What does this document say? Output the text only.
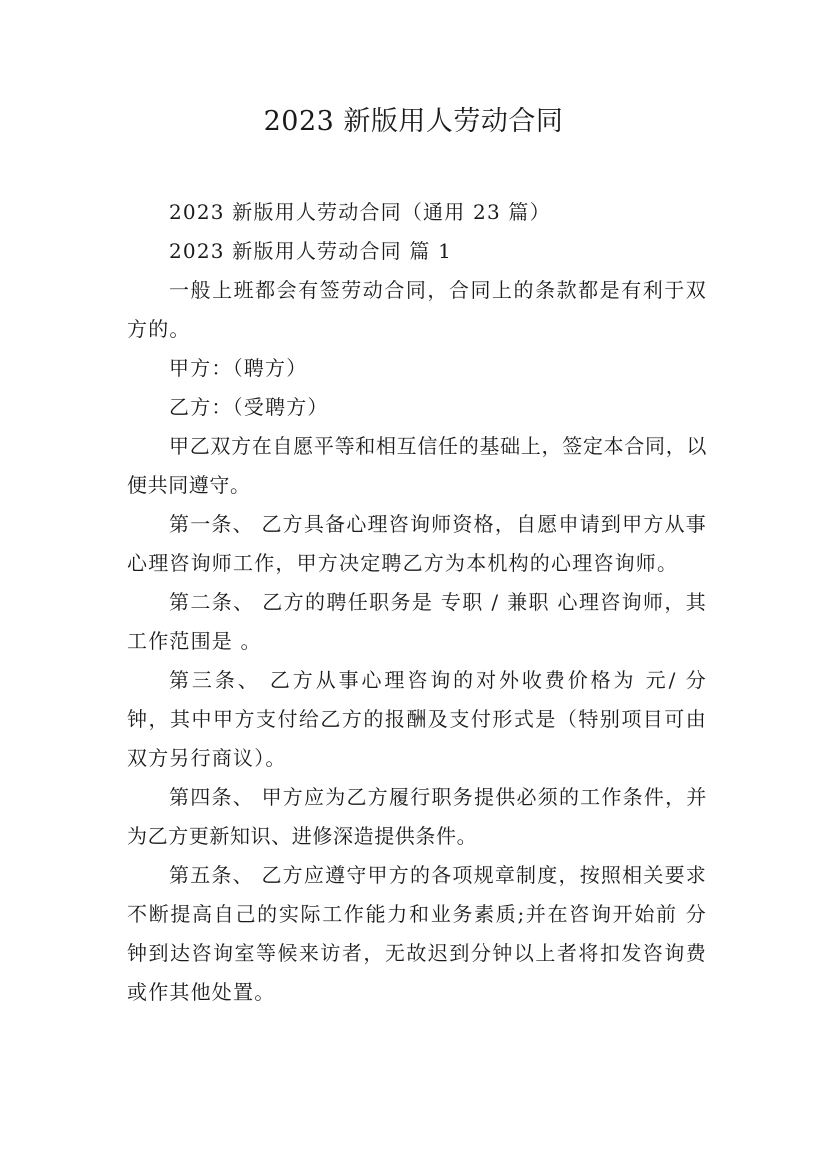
2023 新版用人劳动合同

2023 新版用人劳动合同（通用 23 篇）

2023 新版用人劳动合同 篇 1

一般上班都会有签劳动合同，合同上的条款都是有利于双方的。

甲方：（聘方）

乙方：（受聘方）

甲乙双方在自愿平等和相互信任的基础上，签定本合同，以便共同遵守。

第一条、 乙方具备心理咨询师资格，自愿申请到甲方从事心理咨询师工作，甲方决定聘乙方为本机构的心理咨询师。

第二条、 乙方的聘任职务是 专职 / 兼职 心理咨询师，其工作范围是 。

第三条、 乙方从事心理咨询的对外收费价格为 元/ 分钟，其中甲方支付给乙方的报酬及支付形式是（特别项目可由双方另行商议）。

第四条、 甲方应为乙方履行职务提供必须的工作条件，并为乙方更新知识、进修深造提供条件。

第五条、 乙方应遵守甲方的各项规章制度，按照相关要求不断提高自己的实际工作能力和业务素质;并在咨询开始前 分钟到达咨询室等候来访者，无故迟到分钟以上者将扣发咨询费或作其他处置。
